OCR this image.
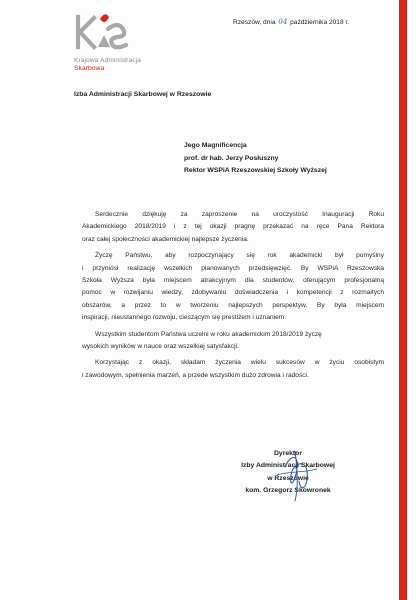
Krajowa Administracja
Skarbowa
Rzeszów, dnia 04 października 2018 r.
Izba Administracji Skarbowej w Rzeszowie
Jego Magnificencja
prof. dr hab. Jerzy Posłuszny
Rektor WSPiA Rzeszowskiej Szkoły Wyższej
Serdecznie dziękuję za zaproszenie na uroczystość Inauguracji Roku
Akademickiego 2018/2019 i z tej okazji pragnę przekazać na ręce Pana Rektora
oraz całej społeczności akademickiej najlepsze życzenia.
Życzę Państwu, aby rozpoczynający się rok akademicki był pomyślny
i przyniósł realizację wszelkich planowanych przedsięwzięć. By WSPiA Rzeszowska
Szkoła Wyższa była miejscem atrakcyjnym dla studentów, oferującym profesjonalną
pomoc w rozwijaniu wiedzy, zdobywaniu doświadczenia i kompetencji z rozmaitych
obszarów, a przez to w tworzeniu najlepszych perspektyw. By była miejscem
inspiracji, nieustannego rozwoju, cieszącym się prestiżem i uznaniem.
Wszystkim studentom Państwa uczelni w roku akademickim 2018/2019 życzę
wysokich wyników w nauce oraz wszelkiej satysfakcji.
Korzystając z okazji, składam życzenia wielu sukcesów w życiu osobistym
i zawodowym, spełnienia marzeń, a przede wszystkim dużo zdrowia i radości.
Dyrektor
Izby Administracji Skarbowej
w Rzeszowie
kom. Grzegorz Skowronek
